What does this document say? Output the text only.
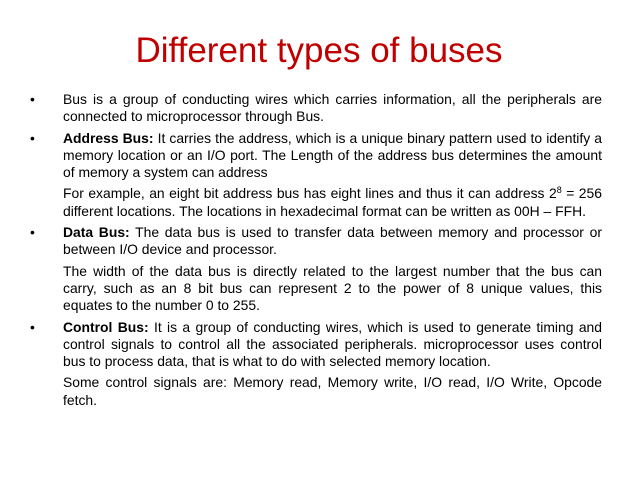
Different types of buses
•	Bus is a group of conducting wires which carries information, all the peripherals are connected to microprocessor through Bus.
•	Address Bus: It carries the address, which is a unique binary pattern used to identify a memory location or an I/O port. The Length of the address bus determines the amount of memory a system can address
For example, an eight bit address bus has eight lines and thus it can address $2^8 = 256$ different locations. The locations in hexadecimal format can be written as 00H – FFH.
•	Data Bus: The data bus is used to transfer data between memory and processor or between I/O device and processor.
The width of the data bus is directly related to the largest number that the bus can carry, such as an 8 bit bus can represent 2 to the power of 8 unique values, this equates to the number 0 to 255.
•	Control Bus: It is a group of conducting wires, which is used to generate timing and control signals to control all the associated peripherals. microprocessor uses control bus to process data, that is what to do with selected memory location.
Some control signals are: Memory read, Memory write, I/O read, I/O Write, Opcode fetch.
